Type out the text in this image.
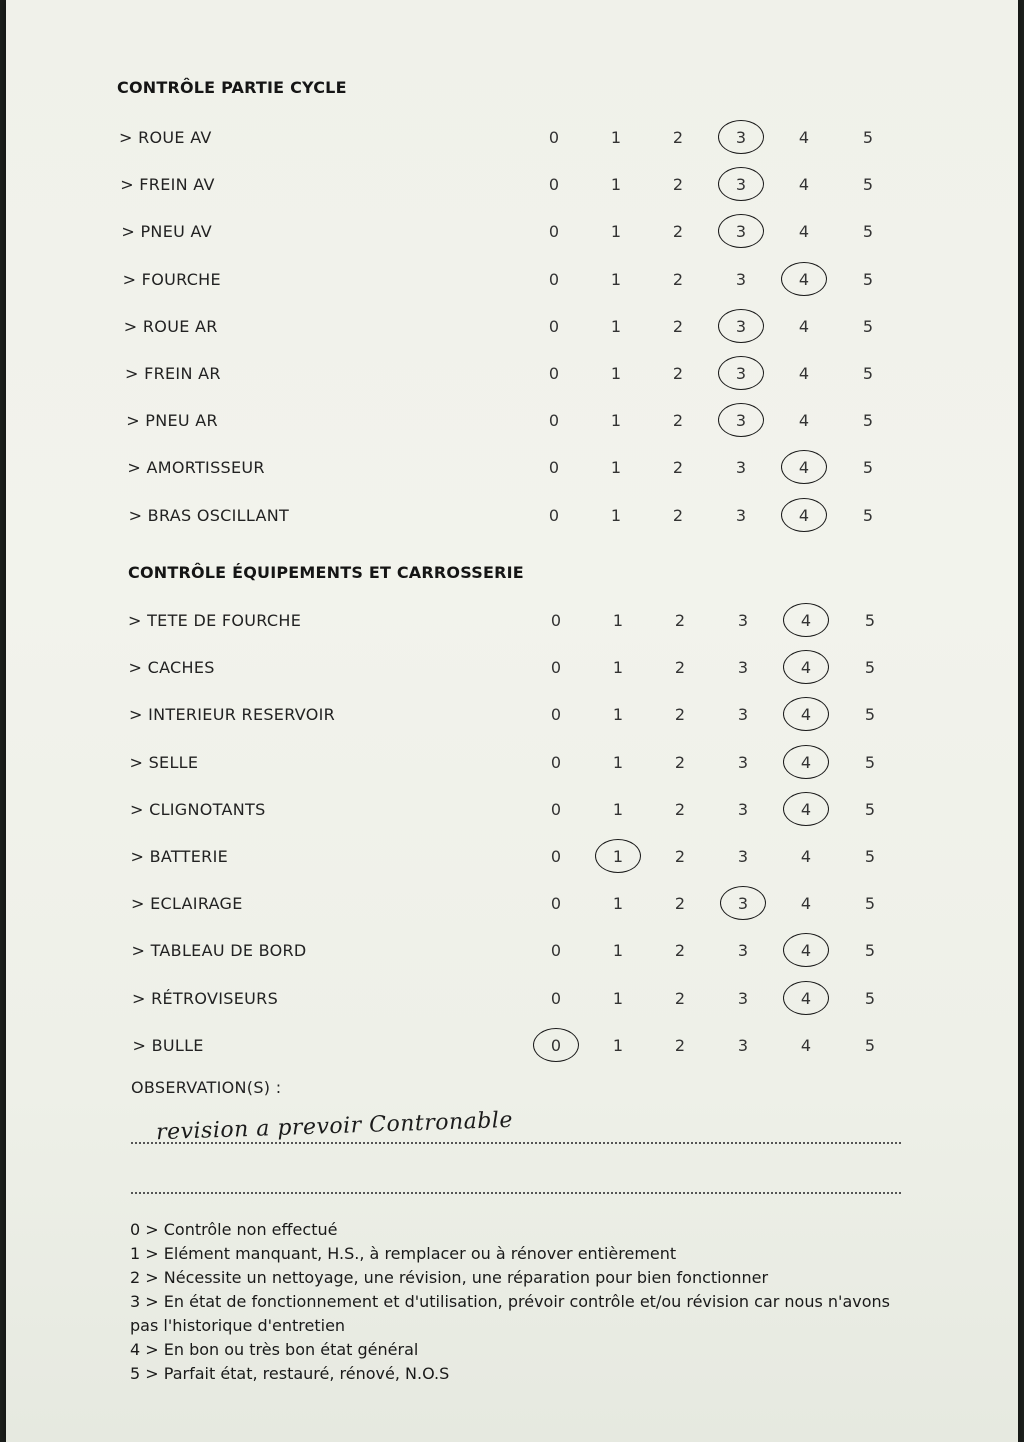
CONTRÔLE PARTIE CYCLE
> ROUE AV	0	1	2	3	4	5
> FREIN AV	0	1	2	3	4	5
> PNEU AV	0	1	2	3	4	5
> FOURCHE	0	1	2	3	4	5
> ROUE AR	0	1	2	3	4	5
> FREIN AR	0	1	2	3	4	5
> PNEU AR	0	1	2	3	4	5
> AMORTISSEUR	0	1	2	3	4	5
> BRAS OSCILLANT	0	1	2	3	4	5
CONTRÔLE ÉQUIPEMENTS ET CARROSSERIE
> TETE DE FOURCHE	0	1	2	3	4	5
> CACHES	0	1	2	3	4	5
> INTERIEUR RESERVOIR	0	1	2	3	4	5
> SELLE	0	1	2	3	4	5
> CLIGNOTANTS	0	1	2	3	4	5
> BATTERIE	0	1	2	3	4	5
> ECLAIRAGE	0	1	2	3	4	5
> TABLEAU DE BORD	0	1	2	3	4	5
> RÉTROVISEURS	0	1	2	3	4	5
> BULLE	0	1	2	3	4	5
OBSERVATION(S) :
revision a prevoir Contronable
0 > Contrôle non effectué
1 > Elément manquant, H.S., à remplacer ou à rénover entièrement
2 > Nécessite un nettoyage, une révision, une réparation pour bien fonctionner
3 > En état de fonctionnement et d'utilisation, prévoir contrôle et/ou révision car nous n'avons pas l'historique d'entretien
4 > En bon ou très bon état général
5 > Parfait état, restauré, rénové, N.O.S
